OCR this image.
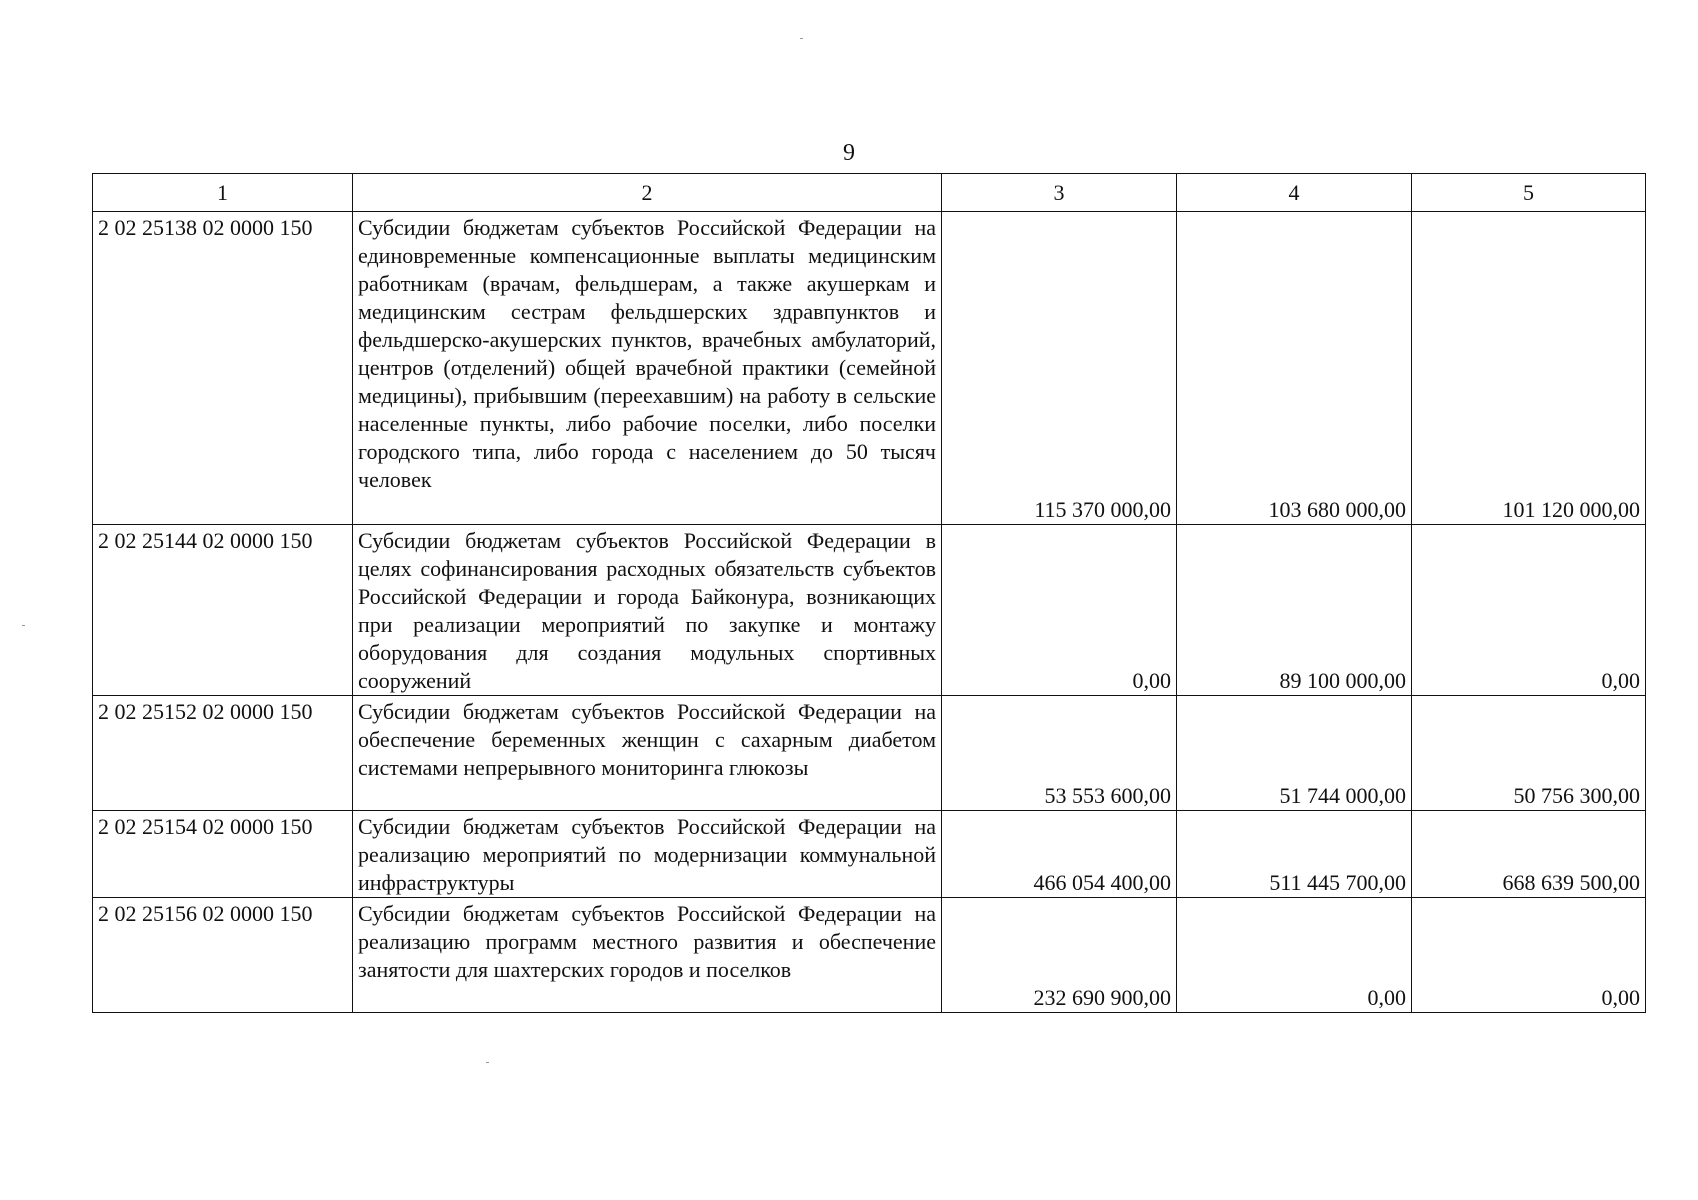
9
1	2	3	4	5
2 02 25138 02 0000 150	Субсидии бюджетам субъектов Российской Федерации на единовременные компенсационные выплаты медицинским работникам (врачам, фельдшерам, а также акушеркам и медицинским сестрам фельдшерских здравпунктов и фельдшерско-акушерских пунктов, врачебных амбулаторий, центров (отделений) общей врачебной практики (семейной медицины), прибывшим (переехавшим) на работу в сельские населенные пункты, либо рабочие поселки, либо поселки городского типа, либо города с населением до 50 тысяч человек	115 370 000,00	103 680 000,00	101 120 000,00
2 02 25144 02 0000 150	Субсидии бюджетам субъектов Российской Федерации в целях софинансирования расходных обязательств субъектов Российской Федерации и города Байконура, возникающих при реализации мероприятий по закупке и монтажу оборудования для создания модульных спортивных сооружений	0,00	89 100 000,00	0,00
2 02 25152 02 0000 150	Субсидии бюджетам субъектов Российской Федерации на обеспечение беременных женщин с сахарным диабетом системами непрерывного мониторинга глюкозы	53 553 600,00	51 744 000,00	50 756 300,00
2 02 25154 02 0000 150	Субсидии бюджетам субъектов Российской Федерации на реализацию мероприятий по модернизации коммунальной инфраструктуры	466 054 400,00	511 445 700,00	668 639 500,00
2 02 25156 02 0000 150	Субсидии бюджетам субъектов Российской Федерации на реализацию программ местного развития и обеспечение занятости для шахтерских городов и поселков	232 690 900,00	0,00	0,00
